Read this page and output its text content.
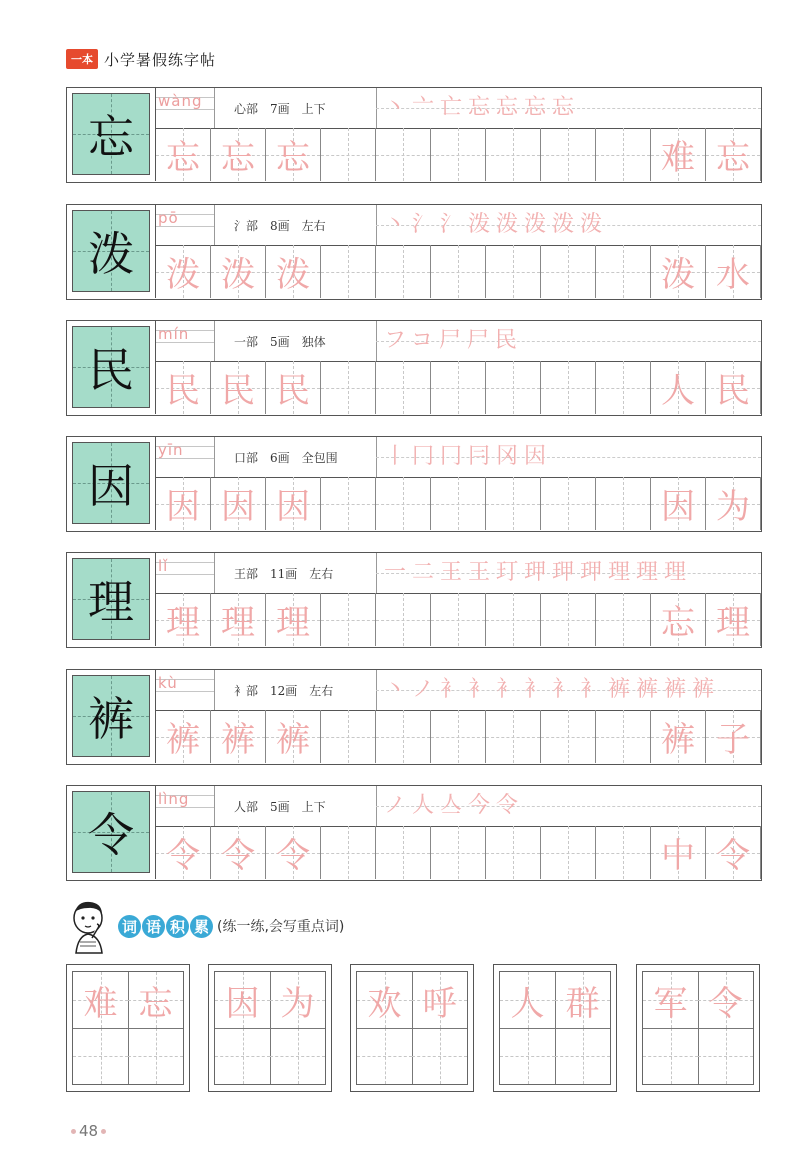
一本 小学暑假练字帖
忘
wàng	心部 7画 上下	丶亠亡忘忘忘忘
忘 忘 忘	难 忘
泼
pō	氵部 8画 左右	丶氵氵泼泼泼泼泼
泼 泼 泼	泼 水
民
mín	一部 5画 独体	フコ尸尸民
民 民 民	人 民
因
yīn	口部 6画 全包围 丨冂冂冃冈因
因 因 因	因 为
理
lǐ	王部 11画 左右 一二王王玎玾玾玾理理理
理 理 理	忘 理
裤
kù	衤部 12画 左右 丶ノ衤衤衤衤衤衤裤裤裤裤
裤 裤 裤	裤 子
令
lìng	人部 5画 上下	ノ人亼今令
令 令 令	中 令
词 语 积 累 (练一练,会写重点词)
难 忘	因 为	欢 呼	人 群	军 令
48
